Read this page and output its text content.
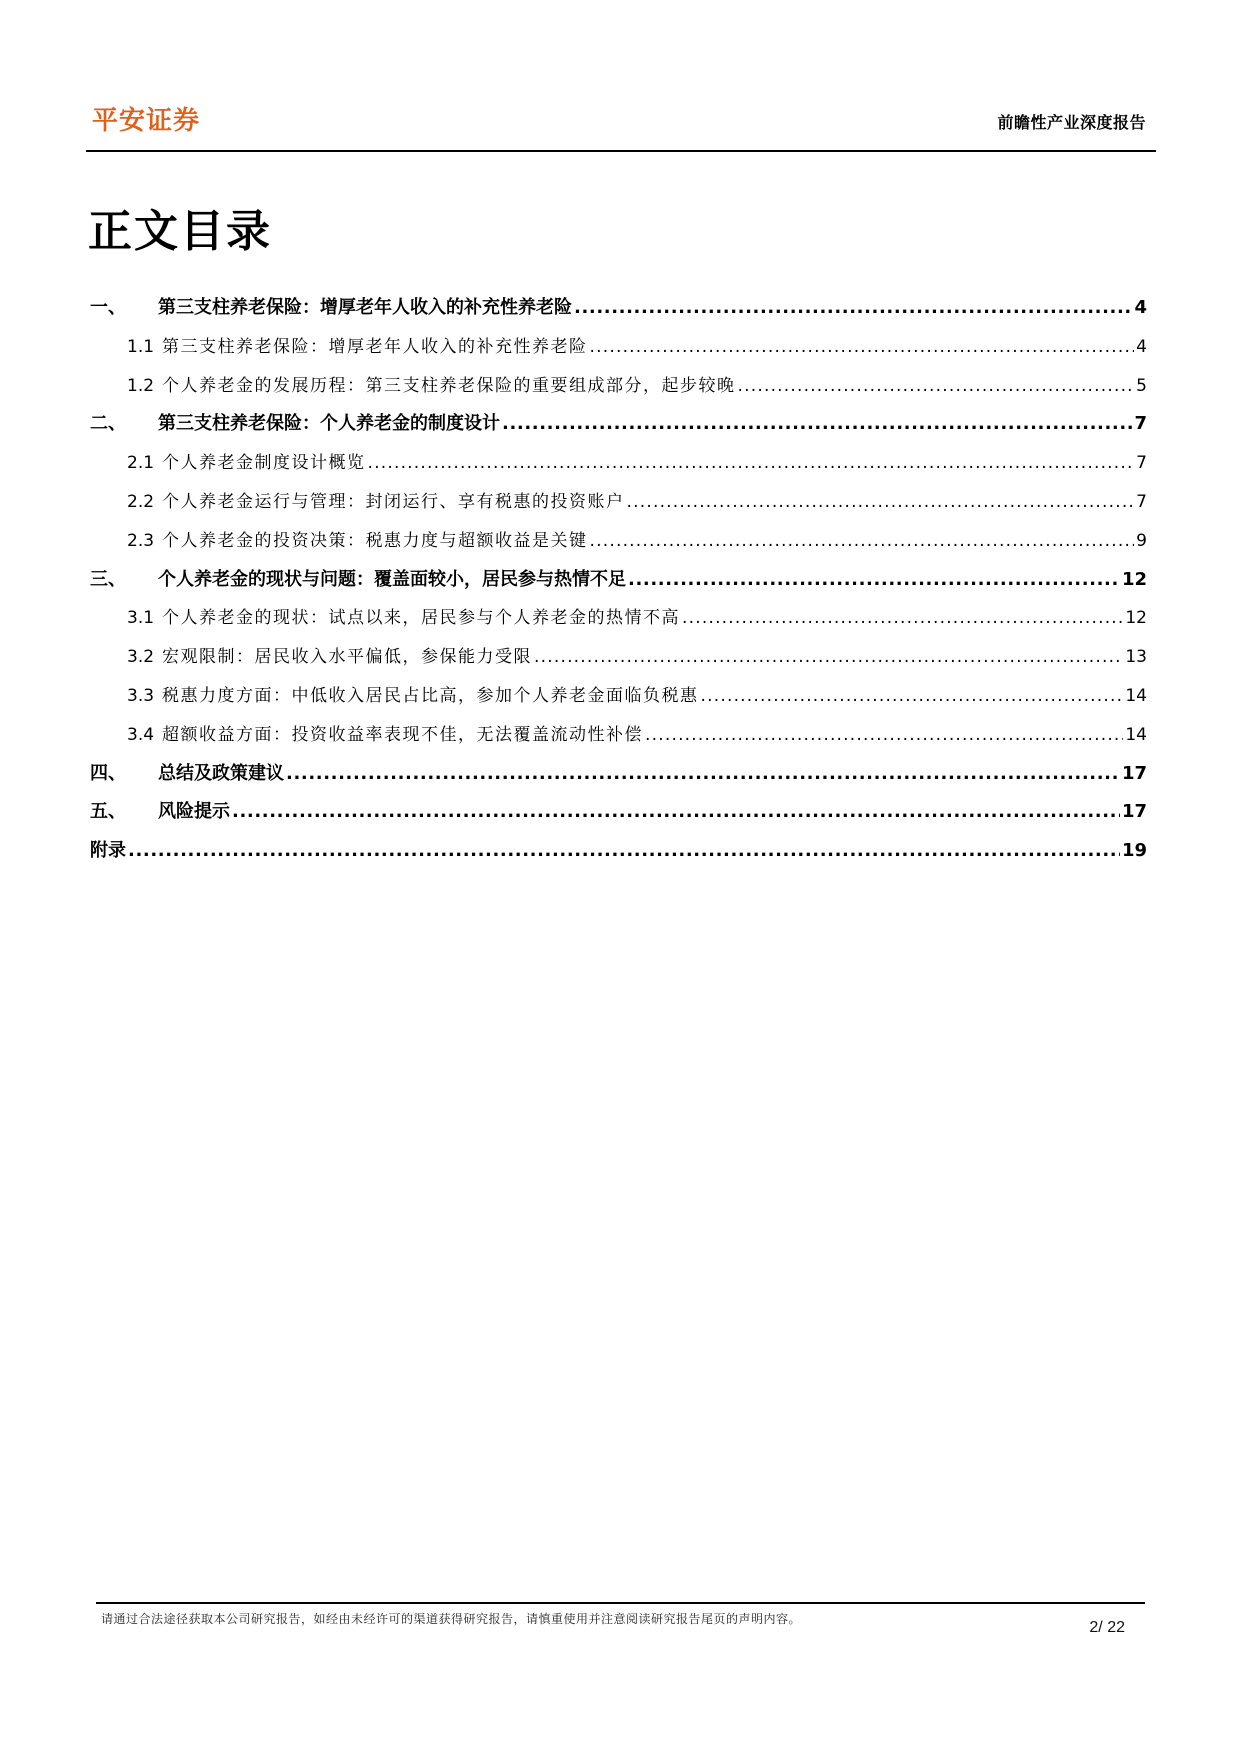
平安证券	前瞻性产业深度报告
正文目录
一、	第三支柱养老保险：增厚老年人收入的补充性养老险 .....	4
1.1 第三支柱养老保险：增厚老年人收入的补充性养老险 .....	4
1.2 个人养老金的发展历程：第三支柱养老保险的重要组成部分，起步较晚 .....	5
二、	第三支柱养老保险：个人养老金的制度设计 .....	7
2.1 个人养老金制度设计概览 .....	7
2.2 个人养老金运行与管理：封闭运行、享有税惠的投资账户 .....	7
2.3 个人养老金的投资决策：税惠力度与超额收益是关键 .....	9
三、	个人养老金的现状与问题：覆盖面较小，居民参与热情不足 .....	12
3.1 个人养老金的现状：试点以来，居民参与个人养老金的热情不高 .....	12
3.2 宏观限制：居民收入水平偏低，参保能力受限 .....	13
3.3 税惠力度方面：中低收入居民占比高，参加个人养老金面临负税惠 .....	14
3.4 超额收益方面：投资收益率表现不佳，无法覆盖流动性补偿 .....	14
四、	总结及政策建议 .....	17
五、	风险提示 .....	17
附录 .....	19
请通过合法途径获取本公司研究报告，如经由未经许可的渠道获得研究报告，请慎重使用并注意阅读研究报告尾页的声明内容。	2/ 22
